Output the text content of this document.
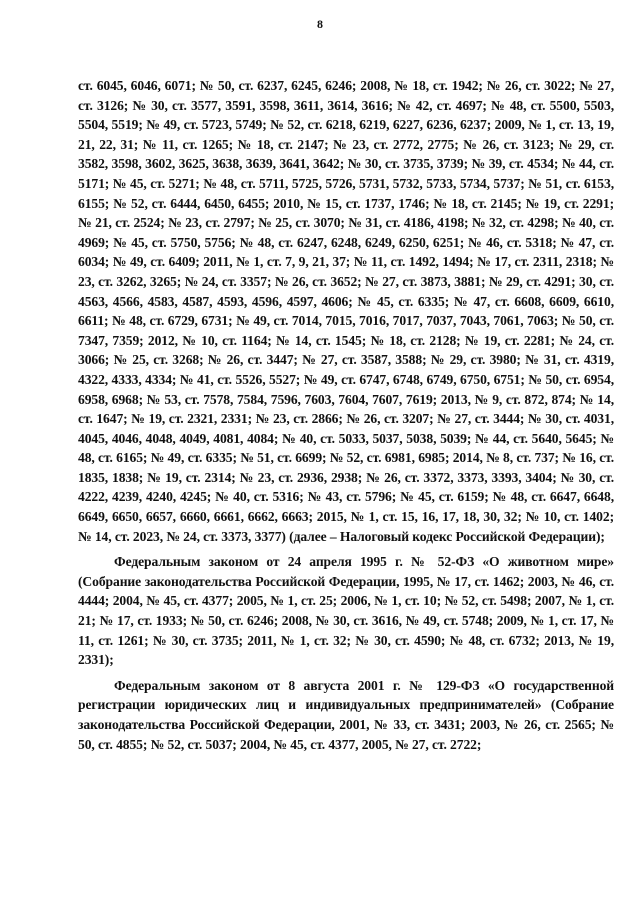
8

ст. 6045, 6046, 6071; № 50, ст. 6237, 6245, 6246; 2008, № 18, ст. 1942; № 26, ст. 3022; № 27, ст. 3126; № 30, ст. 3577, 3591, 3598, 3611, 3614, 3616; № 42, ст. 4697; № 48, ст. 5500, 5503, 5504, 5519; № 49, ст. 5723, 5749; № 52, ст. 6218, 6219, 6227, 6236, 6237; 2009, № 1, ст. 13, 19, 21, 22, 31; № 11, ст. 1265; № 18, ст. 2147; № 23, ст. 2772, 2775; № 26, ст. 3123; № 29, ст. 3582, 3598, 3602, 3625, 3638, 3639, 3641, 3642; № 30, ст. 3735, 3739; № 39, ст. 4534; № 44, ст. 5171; № 45, ст. 5271; № 48, ст. 5711, 5725, 5726, 5731, 5732, 5733, 5734, 5737; № 51, ст. 6153, 6155; № 52, ст. 6444, 6450, 6455; 2010, № 15, ст. 1737, 1746; № 18, ст. 2145; № 19, ст. 2291; № 21, ст. 2524; № 23, ст. 2797; № 25, ст. 3070; № 31, ст. 4186, 4198; № 32, ст. 4298; № 40, ст. 4969; № 45, ст. 5750, 5756; № 48, ст. 6247, 6248, 6249, 6250, 6251; № 46, ст. 5318; № 47, ст. 6034; № 49, ст. 6409; 2011, № 1, ст. 7, 9, 21, 37; № 11, ст. 1492, 1494; № 17, ст. 2311, 2318; № 23, ст. 3262, 3265; № 24, ст. 3357; № 26, ст. 3652; № 27, ст. 3873, 3881; № 29, ст. 4291; 30, ст. 4563, 4566, 4583, 4587, 4593, 4596, 4597, 4606; № 45, ст. 6335; № 47, ст. 6608, 6609, 6610, 6611; № 48, ст. 6729, 6731; № 49, ст. 7014, 7015, 7016, 7017, 7037, 7043, 7061, 7063; № 50, ст. 7347, 7359; 2012, № 10, ст. 1164; № 14, ст. 1545; № 18, ст. 2128; № 19, ст. 2281; № 24, ст. 3066; № 25, ст. 3268; № 26, ст. 3447; № 27, ст. 3587, 3588; № 29, ст. 3980; № 31, ст. 4319, 4322, 4333, 4334; № 41, ст. 5526, 5527; № 49, ст. 6747, 6748, 6749, 6750, 6751; № 50, ст. 6954, 6958, 6968; № 53, ст. 7578, 7584, 7596, 7603, 7604, 7607, 7619; 2013, № 9, ст. 872, 874; № 14, ст. 1647; № 19, ст. 2321, 2331; № 23, ст. 2866; № 26, ст. 3207; № 27, ст. 3444; № 30, ст. 4031, 4045, 4046, 4048, 4049, 4081, 4084; № 40, ст. 5033, 5037, 5038, 5039; № 44, ст. 5640, 5645; № 48, ст. 6165; № 49, ст. 6335; № 51, ст. 6699; № 52, ст. 6981, 6985; 2014, № 8, ст. 737; № 16, ст. 1835, 1838; № 19, ст. 2314; № 23, ст. 2936, 2938; № 26, ст. 3372, 3373, 3393, 3404; № 30, ст. 4222, 4239, 4240, 4245; № 40, ст. 5316; № 43, ст. 5796; № 45, ст. 6159; № 48, ст. 6647, 6648, 6649, 6650, 6657, 6660, 6661, 6662, 6663; 2015, № 1, ст. 15, 16, 17, 18, 30, 32; № 10, ст. 1402; № 14, ст. 2023, № 24, ст. 3373, 3377) (далее – Налоговый кодекс Российской Федерации);

Федеральным законом от 24 апреля 1995 г. № 52-ФЗ «О животном мире» (Собрание законодательства Российской Федерации, 1995, № 17, ст. 1462; 2003, № 46, ст. 4444; 2004, № 45, ст. 4377; 2005, № 1, ст. 25; 2006, № 1, ст. 10; № 52, ст. 5498; 2007, № 1, ст. 21; № 17, ст. 1933; № 50, ст. 6246; 2008, № 30, ст. 3616, № 49, ст. 5748; 2009, № 1, ст. 17, № 11, ст. 1261; № 30, ст. 3735; 2011, № 1, ст. 32; № 30, ст. 4590; № 48, ст. 6732; 2013, № 19, 2331);

Федеральным законом от 8 августа 2001 г. № 129-ФЗ «О государственной регистрации юридических лиц и индивидуальных предпринимателей» (Собрание законодательства Российской Федерации, 2001, № 33, ст. 3431; 2003, № 26, ст. 2565; № 50, ст. 4855; № 52, ст. 5037; 2004, № 45, ст. 4377, 2005, № 27, ст. 2722;
